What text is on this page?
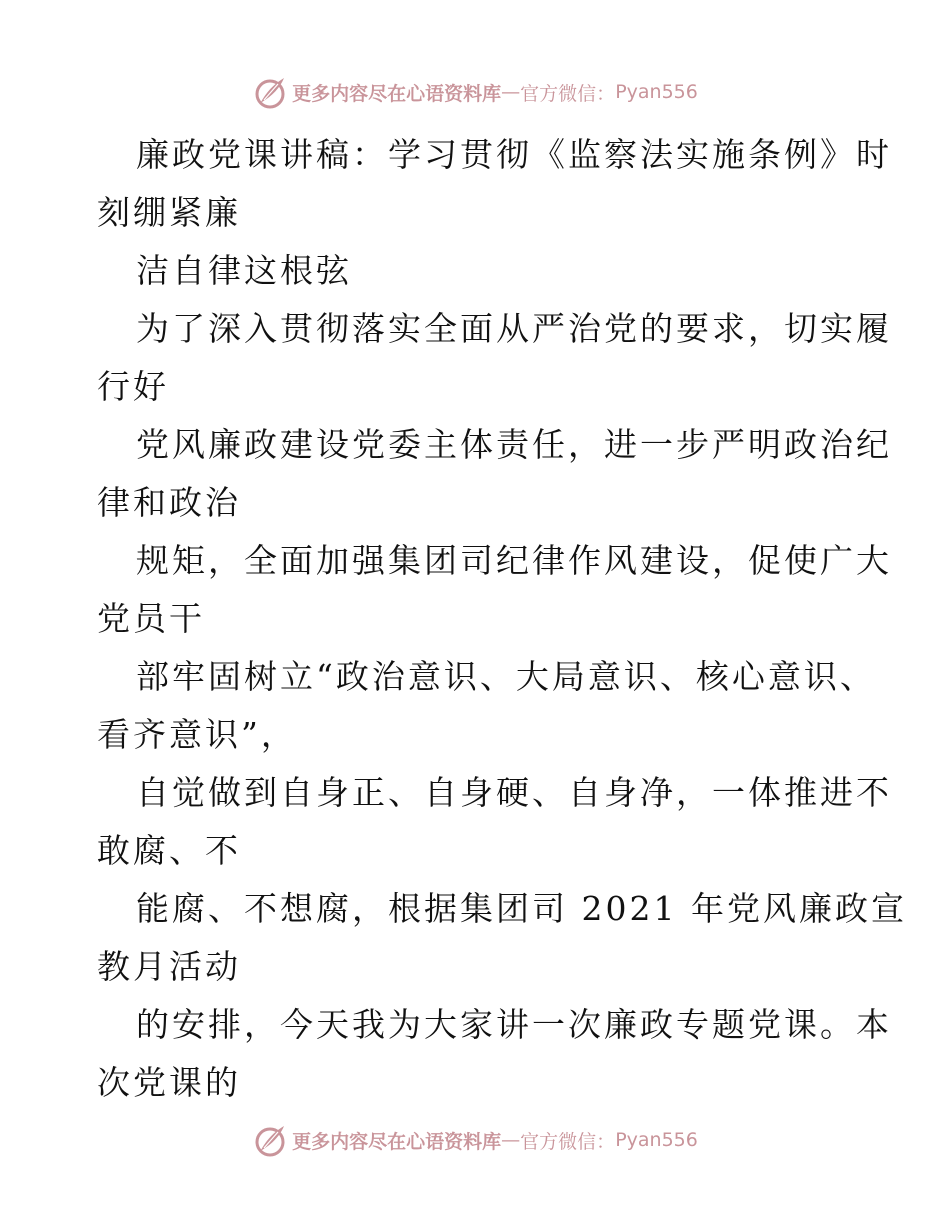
更多内容尽在心语资料库 — 官方微信： Pyan556
廉政党课讲稿：学习贯彻《监察法实施条例》时
刻绷紧廉
洁自律这根弦
为了深入贯彻落实全面从严治党的要求，切实履
行好
党风廉政建设党委主体责任，进一步严明政治纪
律和政治
规矩，全面加强集团司纪律作风建设，促使广大
党员干
部牢固树立“政治意识、大局意识、核心意识、
看齐意识”，
自觉做到自身正、自身硬、自身净，一体推进不
敢腐、不
能腐、不想腐，根据集团司 2021 年党风廉政宣
教月活动
的安排，今天我为大家讲一次廉政专题党课。本
次党课的
更多内容尽在心语资料库 — 官方微信： Pyan556
